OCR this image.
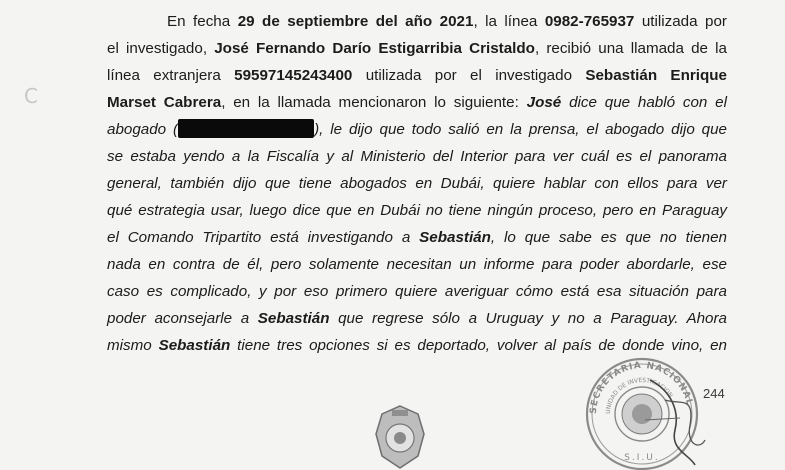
C
En fecha 29 de septiembre del año 2021, la línea 0982-765937 utilizada por
el investigado, José Fernando Darío Estigarribia Cristaldo, recibió una llamada de la
línea extranjera 59597145243400 utilizada por el investigado Sebastián Enrique
Marset Cabrera, en la llamada mencionaron lo siguiente: José dice que habló con el
abogado (	), le dijo que todo salió en la prensa, el abogado dijo que
se estaba yendo a la Fiscalía y al Ministerio del Interior para ver cuál es el panorama
general, también dijo que tiene abogados en Dubái, quiere hablar con ellos para ver
qué estrategia usar, luego dice que en Dubái no tiene ningún proceso, pero en Paraguay
el Comando Tripartito está investigando a Sebastián, lo que sabe es que no tienen
nada en contra de él, pero solamente necesitan un informe para poder abordarle, ese
caso es complicado, y por eso primero quiere averiguar cómo está esa situación para
poder aconsejarle a Sebastián que regrese sólo a Uruguay y no a Paraguay. Ahora
mismo Sebastián tiene tres opciones si es deportado, volver al país de donde vino, en
SECRETARIA NACIONAL
UNIDAD DE INVESTIGACION
S.I.U.
244
